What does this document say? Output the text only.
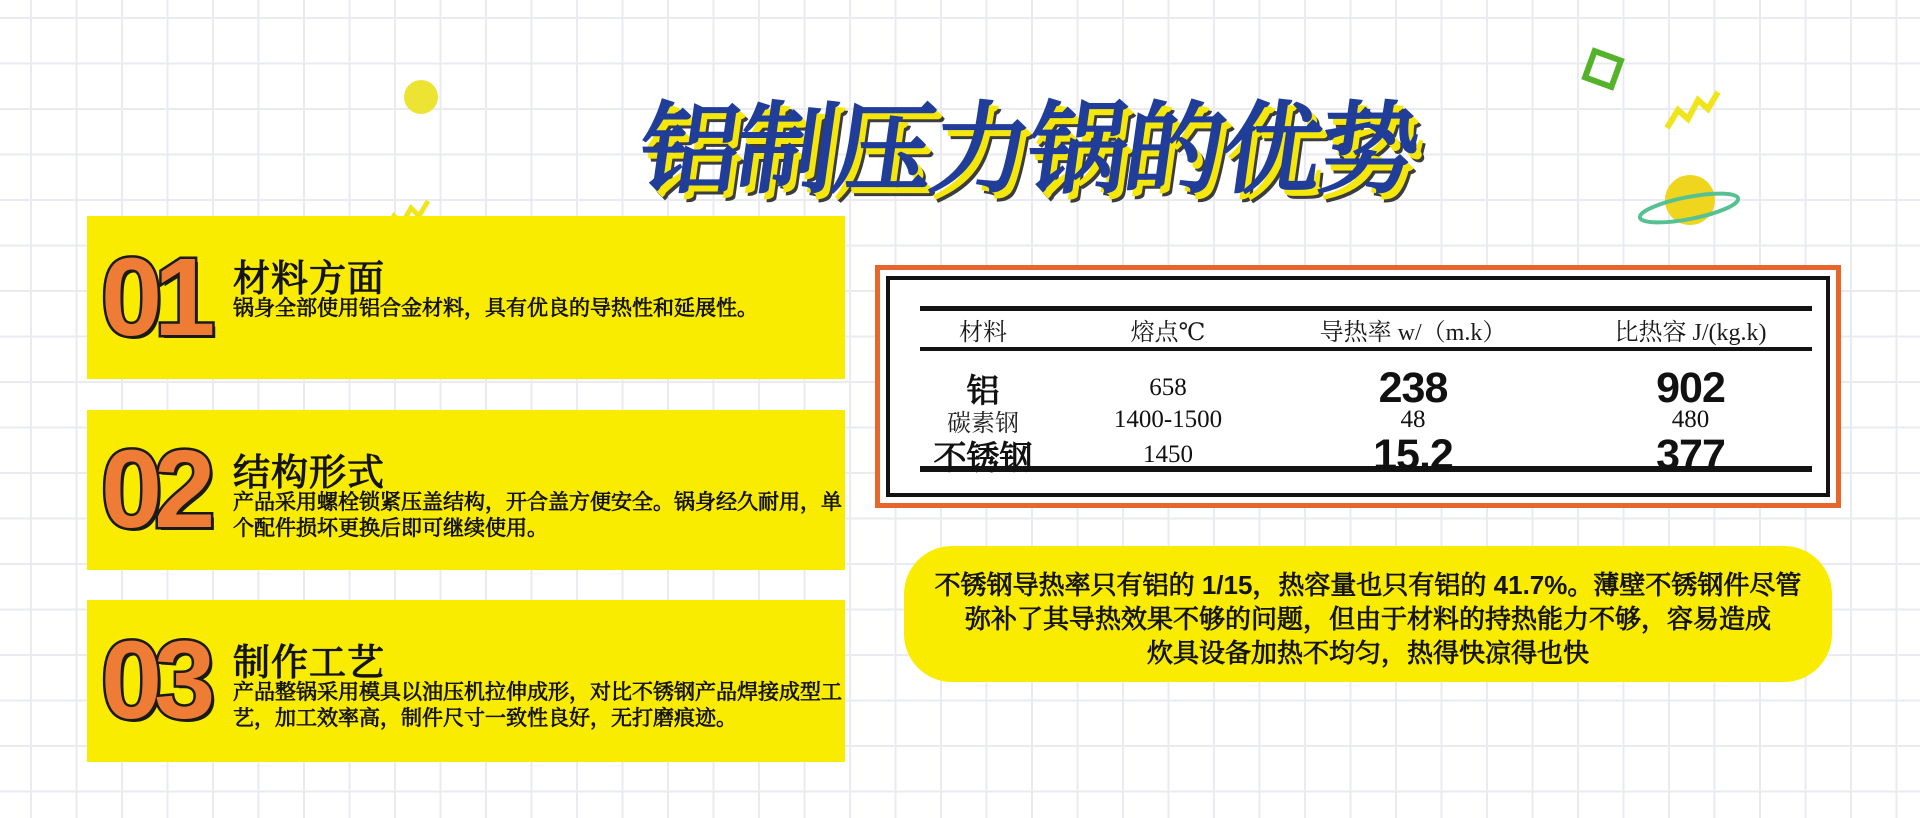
铝制压力锅的优势
01 材料方面
锅身全部使用铝合金材料，具有优良的导热性和延展性。
02 结构形式
产品采用螺栓锁紧压盖结构，开合盖方便安全。锅身经久耐用，单个配件损坏更换后即可继续使用。
03 制作工艺
产品整锅采用模具以油压机拉伸成形，对比不锈钢产品焊接成型工艺，加工效率高，制件尺寸一致性良好，无打磨痕迹。
材料	熔点℃	导热率 w/（m.k）	比热容 J/(kg.k)
铝	658	238	902
碳素钢	1400-1500	48	480
不锈钢	1450	15.2	377
不锈钢导热率只有铝的 1/15，热容量也只有铝的 41.7%。薄壁不锈钢件尽管
弥补了其导热效果不够的问题，但由于材料的持热能力不够，容易造成
炊具设备加热不均匀，热得快凉得也快
